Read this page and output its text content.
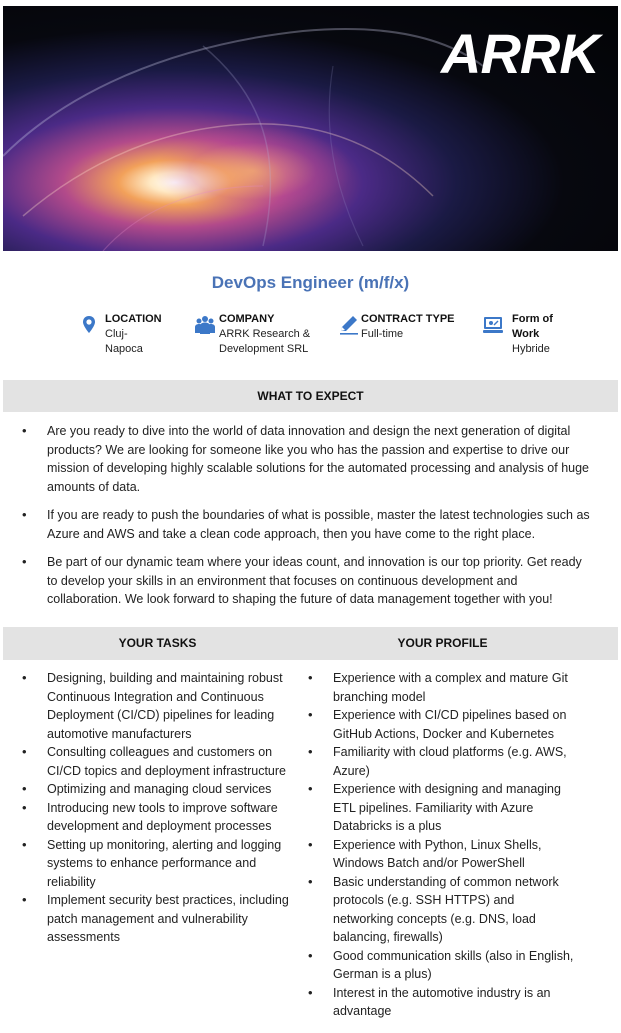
ARRK
DevOps Engineer (m/f/x)
LOCATION
Cluj-Napoca
COMPANY
ARRK Research & Development SRL
CONTRACT TYPE
Full-time
Form of Work
Hybride
WHAT TO EXPECT
• Are you ready to dive into the world of data innovation and design the next generation of digital products? We are looking for someone like you who has the passion and expertise to drive our mission of developing highly scalable solutions for the automated processing and analysis of huge amounts of data.
• If you are ready to push the boundaries of what is possible, master the latest technologies such as Azure and AWS and take a clean code approach, then you have come to the right place.
• Be part of our dynamic team where your ideas count, and innovation is our top priority. Get ready to develop your skills in an environment that focuses on continuous development and collaboration. We look forward to shaping the future of data management together with you!
YOUR TASKS	YOUR PROFILE
• Designing, building and maintaining robust Continuous Integration and Continuous Deployment (CI/CD) pipelines for leading automotive manufacturers
• Consulting colleagues and customers on CI/CD topics and deployment infrastructure
• Optimizing and managing cloud services
• Introducing new tools to improve software development and deployment processes
• Setting up monitoring, alerting and logging systems to enhance performance and reliability
• Implement security best practices, including patch management and vulnerability assessments
• Experience with a complex and mature Git branching model
• Experience with CI/CD pipelines based on GitHub Actions, Docker and Kubernetes
• Familiarity with cloud platforms (e.g. AWS, Azure)
• Experience with designing and managing ETL pipelines. Familiarity with Azure Databricks is a plus
• Experience with Python, Linux Shells, Windows Batch and/or PowerShell
• Basic understanding of common network protocols (e.g. SSH HTTPS) and networking concepts (e.g. DNS, load balancing, firewalls)
• Good communication skills (also in English, German is a plus)
• Interest in the automotive industry is an advantage
